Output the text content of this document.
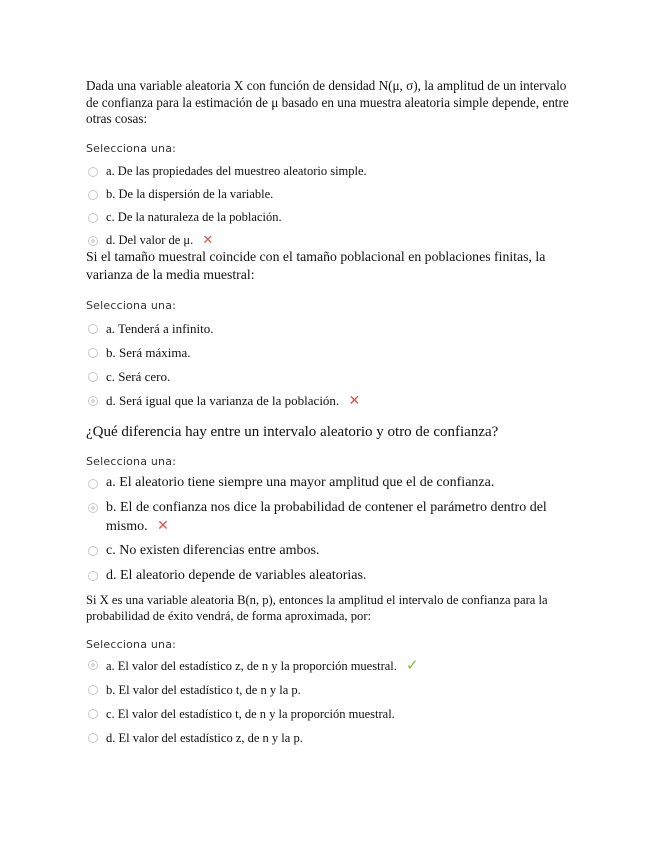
Dada una variable aleatoria X con función de densidad N(μ, σ), la amplitud de un intervalo de confianza para la estimación de μ basado en una muestra aleatoria simple depende, entre otras cosas:

Selecciona una:

a. De las propiedades del muestreo aleatorio simple.
b. De la dispersión de la variable.
c. De la naturaleza de la población.
d. Del valor de μ. ✕

Si el tamaño muestral coincide con el tamaño poblacional en poblaciones finitas, la varianza de la media muestral:

Selecciona una:

a. Tenderá a infinito.
b. Será máxima.
c. Será cero.
d. Será igual que la varianza de la población. ✕

¿Qué diferencia hay entre un intervalo aleatorio y otro de confianza?

Selecciona una:

a. El aleatorio tiene siempre una mayor amplitud que el de confianza.
b. El de confianza nos dice la probabilidad de contener el parámetro dentro del mismo. ✕
c. No existen diferencias entre ambos.
d. El aleatorio depende de variables aleatorias.

Si X es una variable aleatoria B(n, p), entonces la amplitud el intervalo de confianza para la probabilidad de éxito vendrá, de forma aproximada, por:

Selecciona una:

a. El valor del estadístico z, de n y la proporción muestral. ✓
b. El valor del estadístico t, de n y la p.
c. El valor del estadístico t, de n y la proporción muestral.
d. El valor del estadístico z, de n y la p.
